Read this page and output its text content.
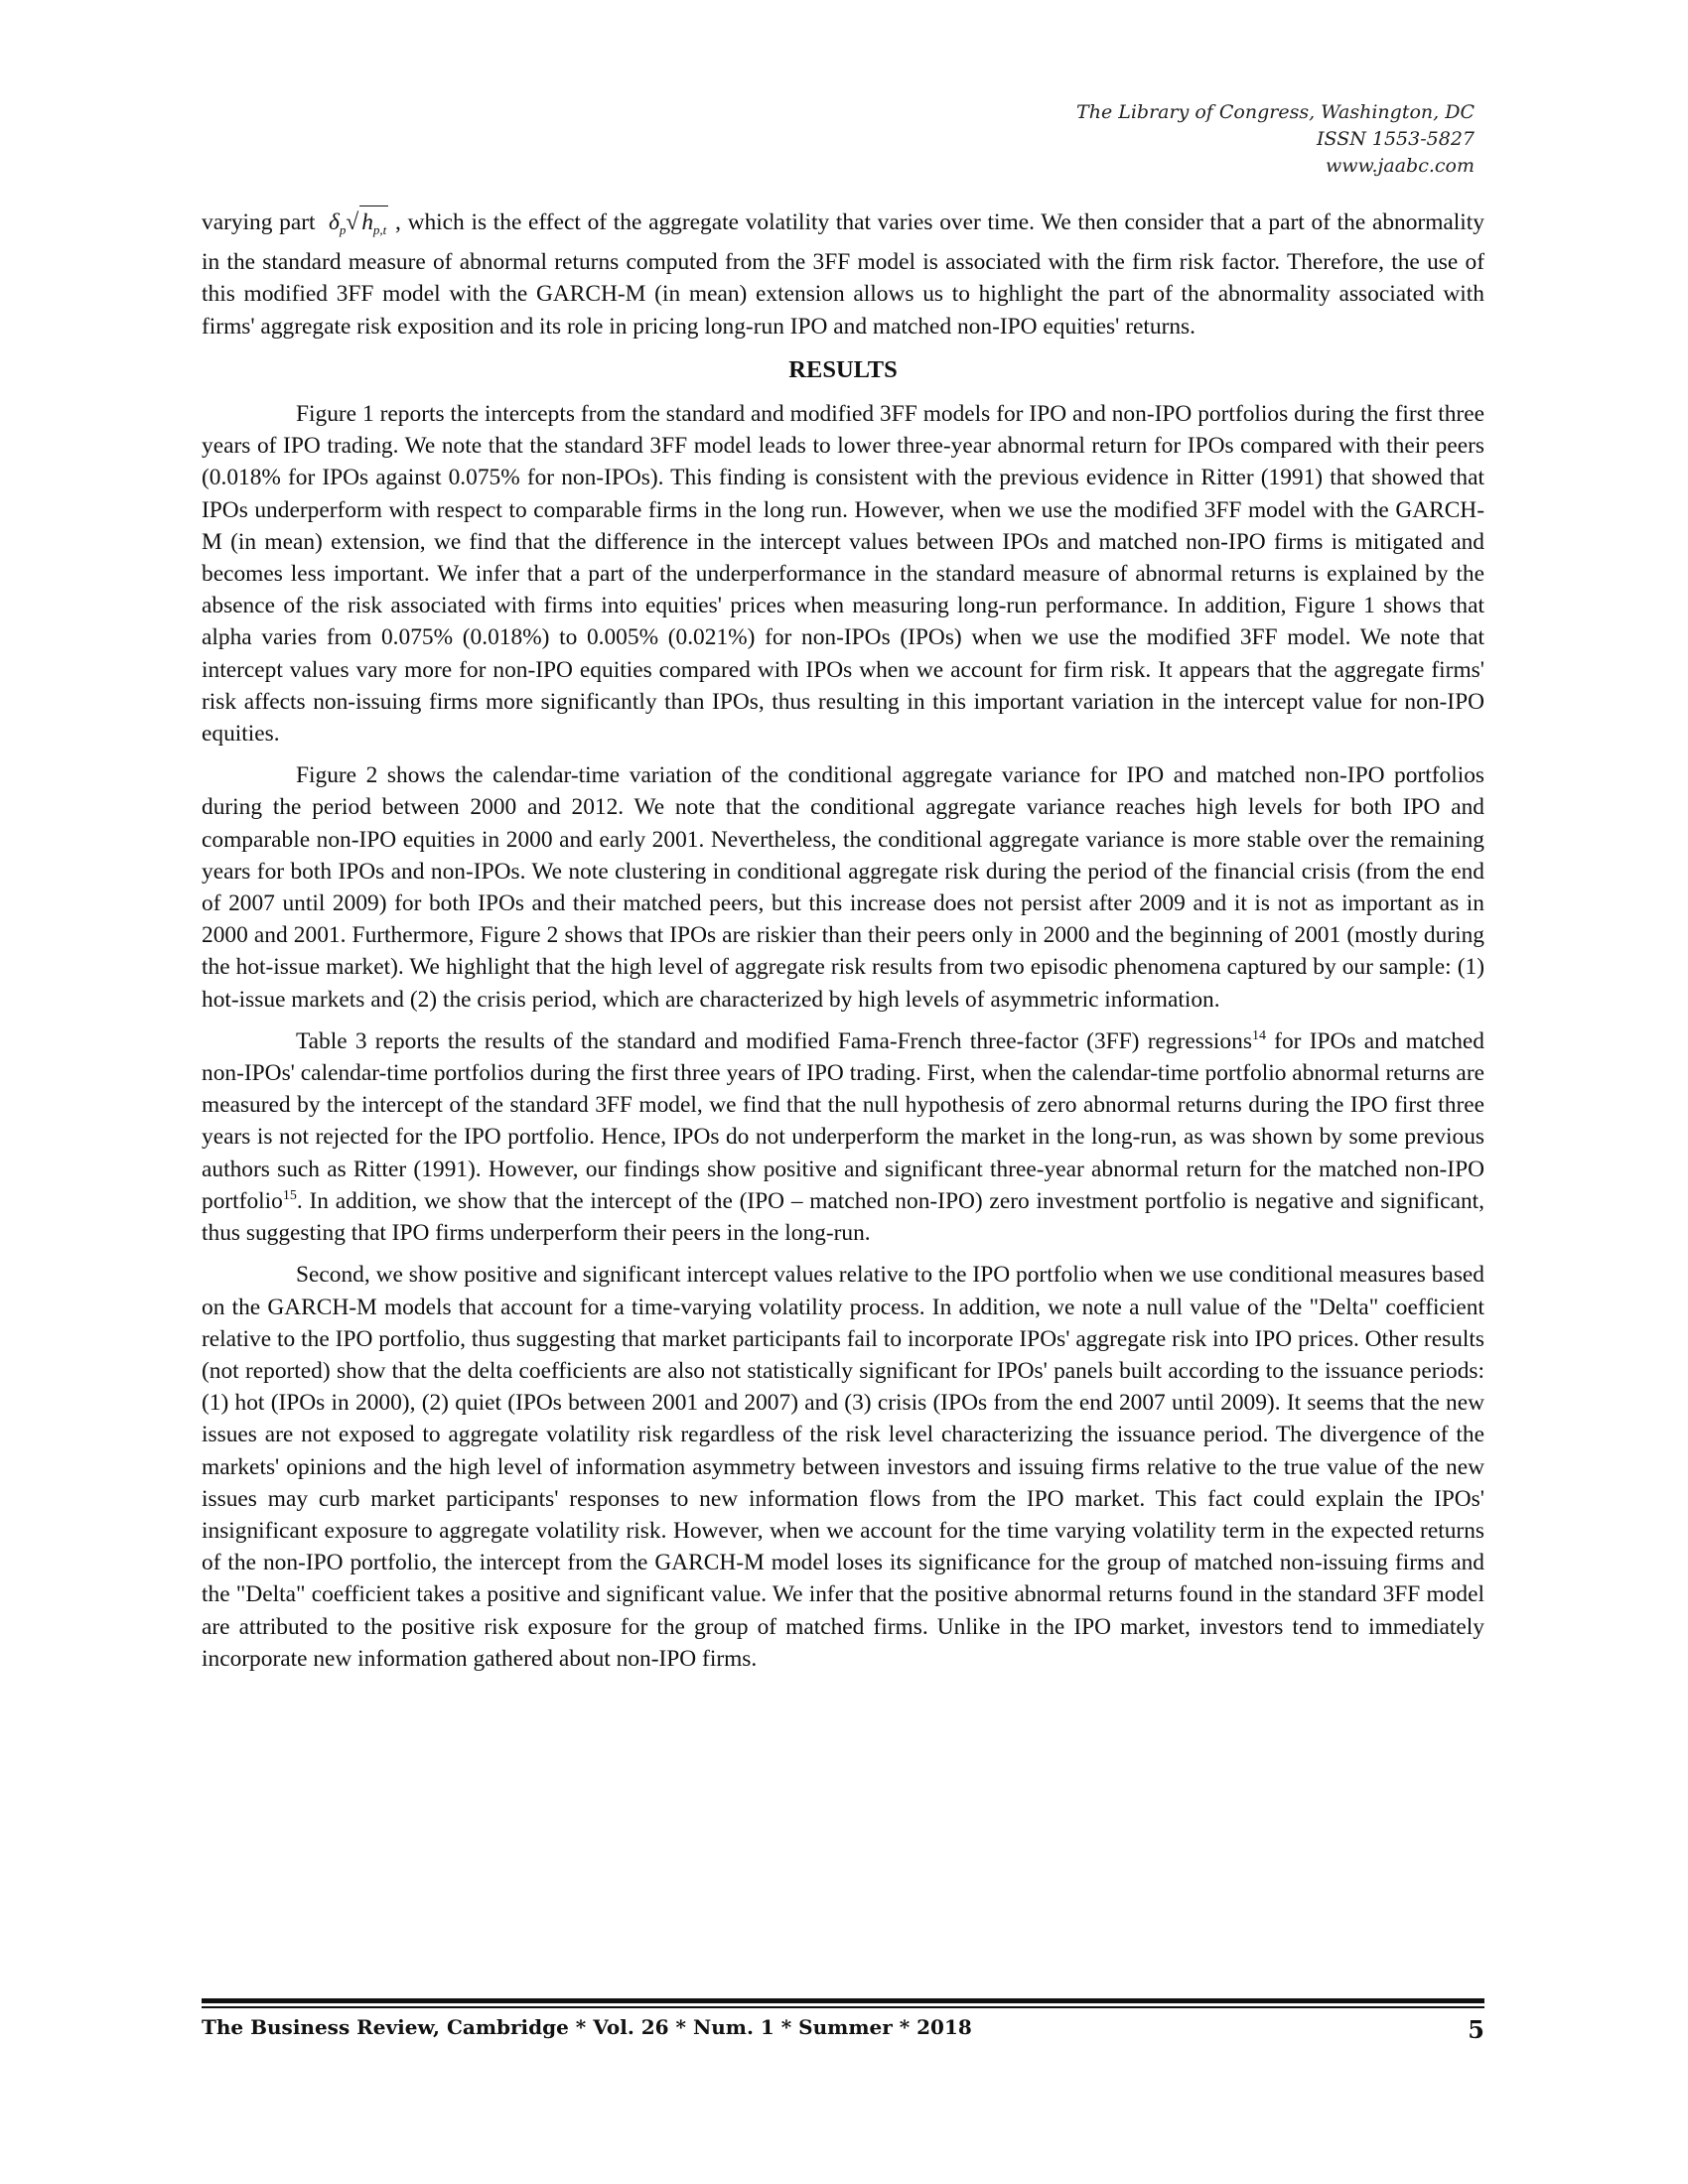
The Library of Congress, Washington, DC
ISSN 1553-5827
www.jaabc.com

varying part $\delta_p√$ $h_{p,t}$ , which is the effect of the aggregate volatility that varies over time. We then consider that a part of the abnormality in the standard measure of abnormal returns computed from the 3FF model is associated with the firm risk factor. Therefore, the use of this modified 3FF model with the GARCH-M (in mean) extension allows us to highlight the part of the abnormality associated with firms' aggregate risk exposition and its role in pricing long-run IPO and matched non-IPO equities' returns.

RESULTS

Figure 1 reports the intercepts from the standard and modified 3FF models for IPO and non-IPO portfolios during the first three years of IPO trading. We note that the standard 3FF model leads to lower three-year abnormal return for IPOs compared with their peers (0.018% for IPOs against 0.075% for non-IPOs). This finding is consistent with the previous evidence in Ritter (1991) that showed that IPOs underperform with respect to comparable firms in the long run. However, when we use the modified 3FF model with the GARCH-M (in mean) extension, we find that the difference in the intercept values between IPOs and matched non-IPO firms is mitigated and becomes less important. We infer that a part of the underperformance in the standard measure of abnormal returns is explained by the absence of the risk associated with firms into equities' prices when measuring long-run performance. In addition, Figure 1 shows that alpha varies from 0.075% (0.018%) to 0.005% (0.021%) for non-IPOs (IPOs) when we use the modified 3FF model. We note that intercept values vary more for non-IPO equities compared with IPOs when we account for firm risk. It appears that the aggregate firms' risk affects non-issuing firms more significantly than IPOs, thus resulting in this important variation in the intercept value for non-IPO equities.

Figure 2 shows the calendar-time variation of the conditional aggregate variance for IPO and matched non-IPO portfolios during the period between 2000 and 2012. We note that the conditional aggregate variance reaches high levels for both IPO and comparable non-IPO equities in 2000 and early 2001. Nevertheless, the conditional aggregate variance is more stable over the remaining years for both IPOs and non-IPOs. We note clustering in conditional aggregate risk during the period of the financial crisis (from the end of 2007 until 2009) for both IPOs and their matched peers, but this increase does not persist after 2009 and it is not as important as in 2000 and 2001. Furthermore, Figure 2 shows that IPOs are riskier than their peers only in 2000 and the beginning of 2001 (mostly during the hot-issue market). We highlight that the high level of aggregate risk results from two episodic phenomena captured by our sample: (1) hot-issue markets and (2) the crisis period, which are characterized by high levels of asymmetric information.

Table 3 reports the results of the standard and modified Fama-French three-factor (3FF) regressions$^{14}$ for IPOs and matched non-IPOs' calendar-time portfolios during the first three years of IPO trading. First, when the calendar-time portfolio abnormal returns are measured by the intercept of the standard 3FF model, we find that the null hypothesis of zero abnormal returns during the IPO first three years is not rejected for the IPO portfolio. Hence, IPOs do not underperform the market in the long-run, as was shown by some previous authors such as Ritter (1991). However, our findings show positive and significant three-year abnormal return for the matched non-IPO portfolio$^{15}$. In addition, we show that the intercept of the (IPO – matched non-IPO) zero investment portfolio is negative and significant, thus suggesting that IPO firms underperform their peers in the long-run.

Second, we show positive and significant intercept values relative to the IPO portfolio when we use conditional measures based on the GARCH-M models that account for a time-varying volatility process. In addition, we note a null value of the "Delta" coefficient relative to the IPO portfolio, thus suggesting that market participants fail to incorporate IPOs' aggregate risk into IPO prices. Other results (not reported) show that the delta coefficients are also not statistically significant for IPOs' panels built according to the issuance periods: (1) hot (IPOs in 2000), (2) quiet (IPOs between 2001 and 2007) and (3) crisis (IPOs from the end 2007 until 2009). It seems that the new issues are not exposed to aggregate volatility risk regardless of the risk level characterizing the issuance period. The divergence of the markets' opinions and the high level of information asymmetry between investors and issuing firms relative to the true value of the new issues may curb market participants' responses to new information flows from the IPO market. This fact could explain the IPOs' insignificant exposure to aggregate volatility risk. However, when we account for the time varying volatility term in the expected returns of the non-IPO portfolio, the intercept from the GARCH-M model loses its significance for the group of matched non-issuing firms and the "Delta" coefficient takes a positive and significant value. We infer that the positive abnormal returns found in the standard 3FF model are attributed to the positive risk exposure for the group of matched firms. Unlike in the IPO market, investors tend to immediately incorporate new information gathered about non-IPO firms.

The Business Review, Cambridge * Vol. 26 * Num. 1 * Summer * 2018	5
